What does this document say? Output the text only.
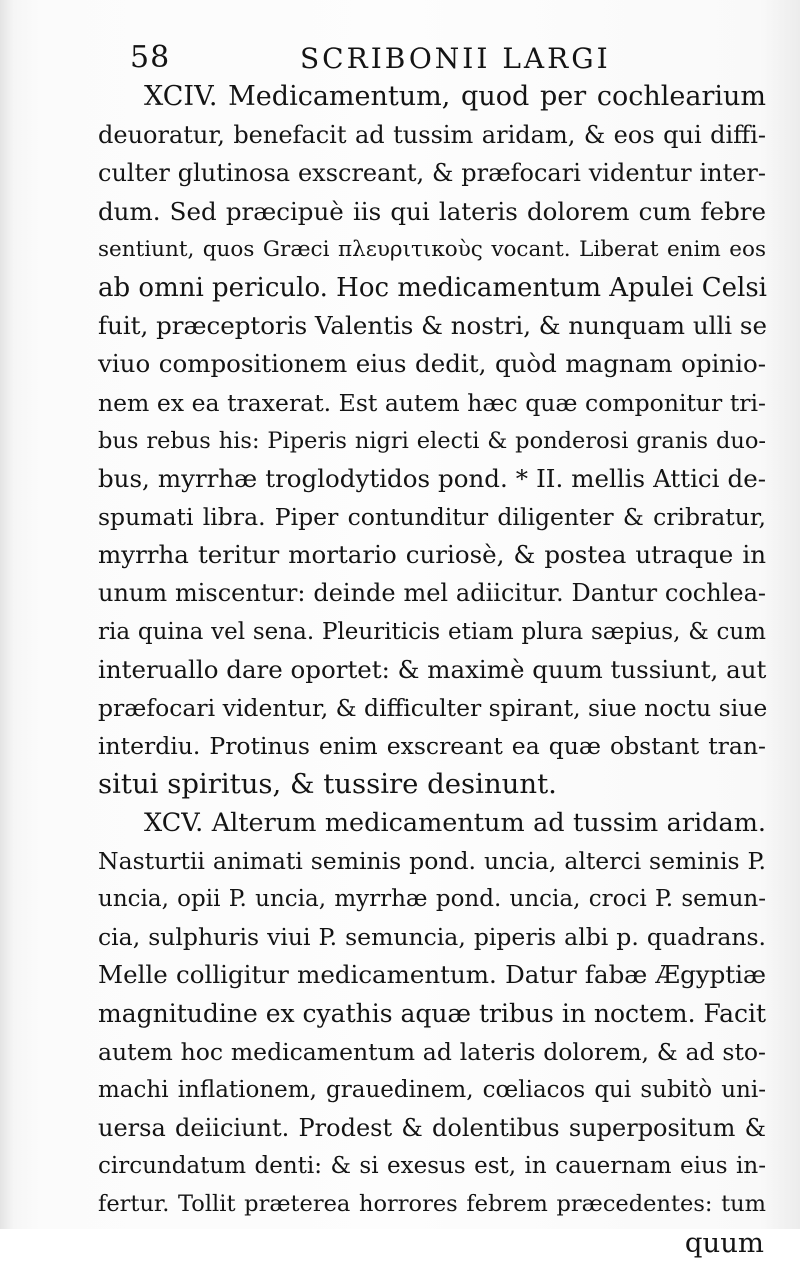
58	SCRIBONII LARGI
XCIV. Medicamentum, quod per cochlearium
deuoratur, benefacit ad tussim aridam, & eos qui diffi-
culter glutinosa exscreant, & præfocari videntur inter-
dum. Sed præcipuè iis qui lateris dolorem cum febre
sentiunt, quos Græci πλευριτικοὺς vocant. Liberat enim eos
ab omni periculo. Hoc medicamentum Apulei Celsi
fuit, præceptoris Valentis & nostri, & nunquam ulli se
viuo compositionem eius dedit, quòd magnam opinio-
nem ex ea traxerat. Est autem hæc quæ componitur tri-
bus rebus his: Piperis nigri electi & ponderosi granis duo-
bus, myrrhæ troglodytidos pond. * II. mellis Attici de-
spumati libra. Piper contunditur diligenter & cribratur,
myrrha teritur mortario curiosè, & postea utraque in
unum miscentur: deinde mel adiicitur. Dantur cochlea-
ria quina vel sena. Pleuriticis etiam plura sæpius, & cum
interuallo dare oportet: & maximè quum tussiunt, aut
præfocari videntur, & difficulter spirant, siue noctu siue
interdiu. Protinus enim exscreant ea quæ obstant tran-
situi spiritus, & tussire desinunt.
XCV. Alterum medicamentum ad tussim aridam.
Nasturtii animati seminis pond. uncia, alterci seminis P.
uncia, opii P. uncia, myrrhæ pond. uncia, croci P. semun-
cia, sulphuris viui P. semuncia, piperis albi p. quadrans.
Melle colligitur medicamentum. Datur fabæ Ægyptiæ
magnitudine ex cyathis aquæ tribus in noctem. Facit
autem hoc medicamentum ad lateris dolorem, & ad sto-
machi inflationem, grauedinem, cœliacos qui subitò uni-
uersa deiiciunt. Prodest & dolentibus superpositum &
circundatum denti: & si exesus est, in cauernam eius in-
fertur. Tollit præterea horrores febrem præcedentes: tum
quum
